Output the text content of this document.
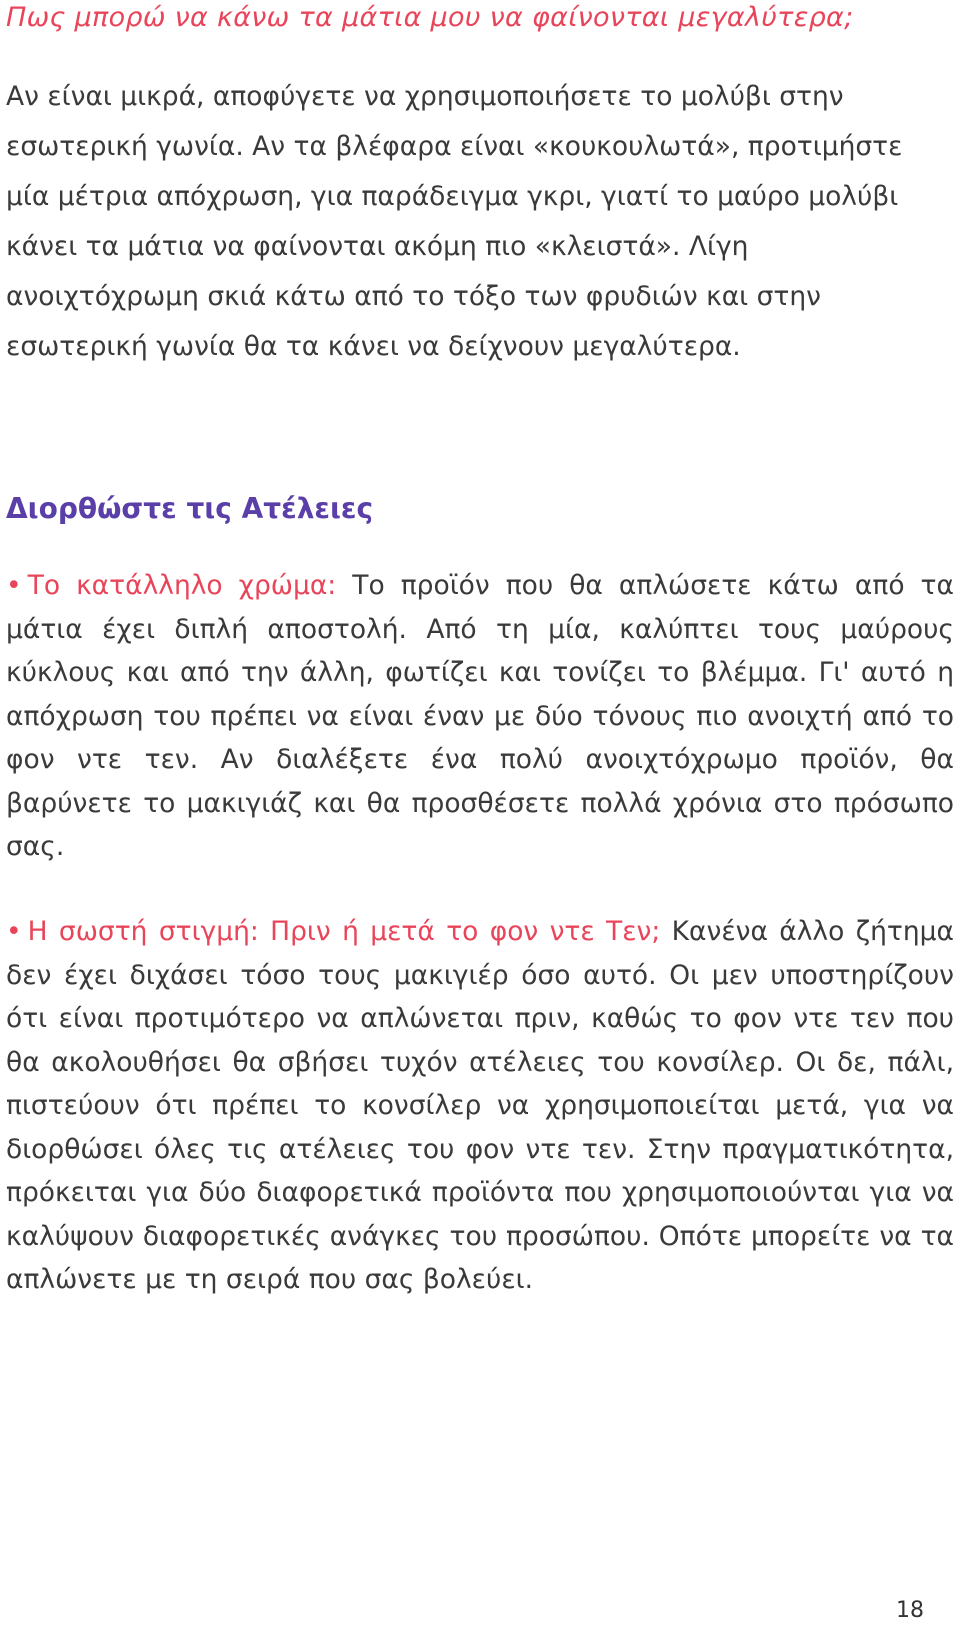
Πως μπορώ να κάνω τα μάτια μου να φαίνονται μεγαλύτερα;

Αν είναι μικρά, αποφύγετε να χρησιμοποιήσετε το μολύβι στην εσωτερική γωνία. Αν τα βλέφαρα είναι «κουκουλωτά», προτιμήστε μία μέτρια απόχρωση, για παράδειγμα γκρι, γιατί το μαύρο μολύβι κάνει τα μάτια να φαίνονται ακόμη πιο «κλειστά». Λίγη ανοιχτόχρωμη σκιά κάτω από το τόξο των φρυδιών και στην εσωτερική γωνία θα τα κάνει να δείχνουν μεγαλύτερα.

Διορθώστε τις Ατέλειες

• Το κατάλληλο χρώμα: Το προϊόν που θα απλώσετε κάτω από τα μάτια έχει διπλή αποστολή. Από τη μία, καλύπτει τους μαύρους κύκλους και από την άλλη, φωτίζει και τονίζει το βλέμμα. Γι' αυτό η απόχρωση του πρέπει να είναι έναν με δύο τόνους πιο ανοιχτή από το φον ντε τεν. Αν διαλέξετε ένα πολύ ανοιχτόχρωμο προϊόν, θα βαρύνετε το μακιγιάζ και θα προσθέσετε πολλά χρόνια στο πρόσωπο σας.

• Η σωστή στιγμή: Πριν ή μετά το φον ντε Τεν; Κανένα άλλο ζήτημα δεν έχει διχάσει τόσο τους μακιγιέρ όσο αυτό. Οι μεν υποστηρίζουν ότι είναι προτιμότερο να απλώνεται πριν, καθώς το φον ντε τεν που θα ακολουθήσει θα σβήσει τυχόν ατέλειες του κονσίλερ. Οι δε, πάλι, πιστεύουν ότι πρέπει το κονσίλερ να χρησιμοποιείται μετά, για να διορθώσει όλες τις ατέλειες του φον ντε τεν. Στην πραγματικότητα, πρόκειται για δύο διαφορετικά προϊόντα που χρησιμοποιούνται για να καλύψουν διαφορετικές ανάγκες του προσώπου. Οπότε μπορείτε να τα απλώνετε με τη σειρά που σας βολεύει.

18
